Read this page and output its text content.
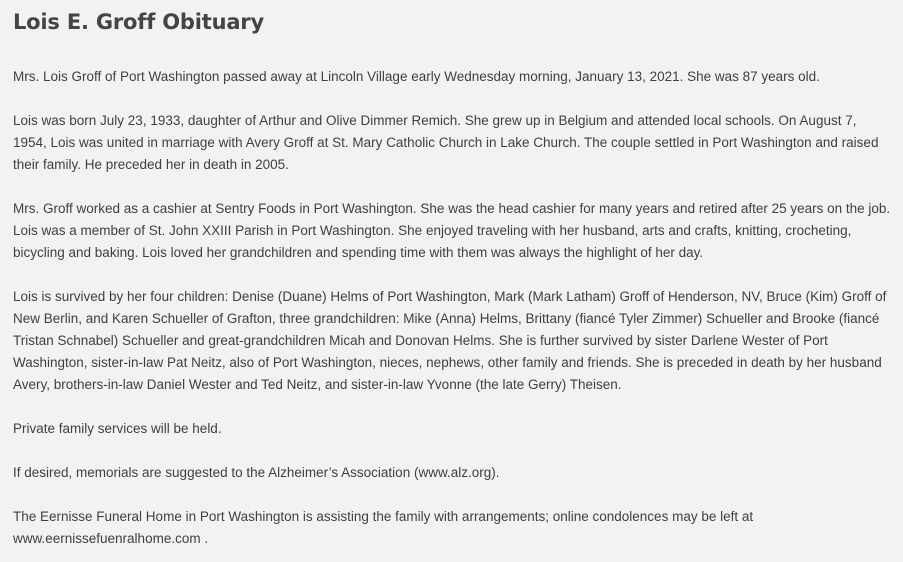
Lois E. Groff Obituary

Mrs. Lois Groff of Port Washington passed away at Lincoln Village early Wednesday morning, January 13, 2021. She was 87 years old.

Lois was born July 23, 1933, daughter of Arthur and Olive Dimmer Remich. She grew up in Belgium and attended local schools. On August 7, 1954, Lois was united in marriage with Avery Groff at St. Mary Catholic Church in Lake Church. The couple settled in Port Washington and raised their family. He preceded her in death in 2005.

Mrs. Groff worked as a cashier at Sentry Foods in Port Washington. She was the head cashier for many years and retired after 25 years on the job. Lois was a member of St. John XXIII Parish in Port Washington. She enjoyed traveling with her husband, arts and crafts, knitting, crocheting, bicycling and baking. Lois loved her grandchildren and spending time with them was always the highlight of her day.

Lois is survived by her four children: Denise (Duane) Helms of Port Washington, Mark (Mark Latham) Groff of Henderson, NV, Bruce (Kim) Groff of New Berlin, and Karen Schueller of Grafton, three grandchildren: Mike (Anna) Helms, Brittany (fiancé Tyler Zimmer) Schueller and Brooke (fiancé Tristan Schnabel) Schueller and great-grandchildren Micah and Donovan Helms. She is further survived by sister Darlene Wester of Port Washington, sister-in-law Pat Neitz, also of Port Washington, nieces, nephews, other family and friends. She is preceded in death by her husband Avery, brothers-in-law Daniel Wester and Ted Neitz, and sister-in-law Yvonne (the late Gerry) Theisen.

Private family services will be held.

If desired, memorials are suggested to the Alzheimer’s Association (www.alz.org).

The Eernisse Funeral Home in Port Washington is assisting the family with arrangements; online condolences may be left at www.eernissefuenralhome.com .
